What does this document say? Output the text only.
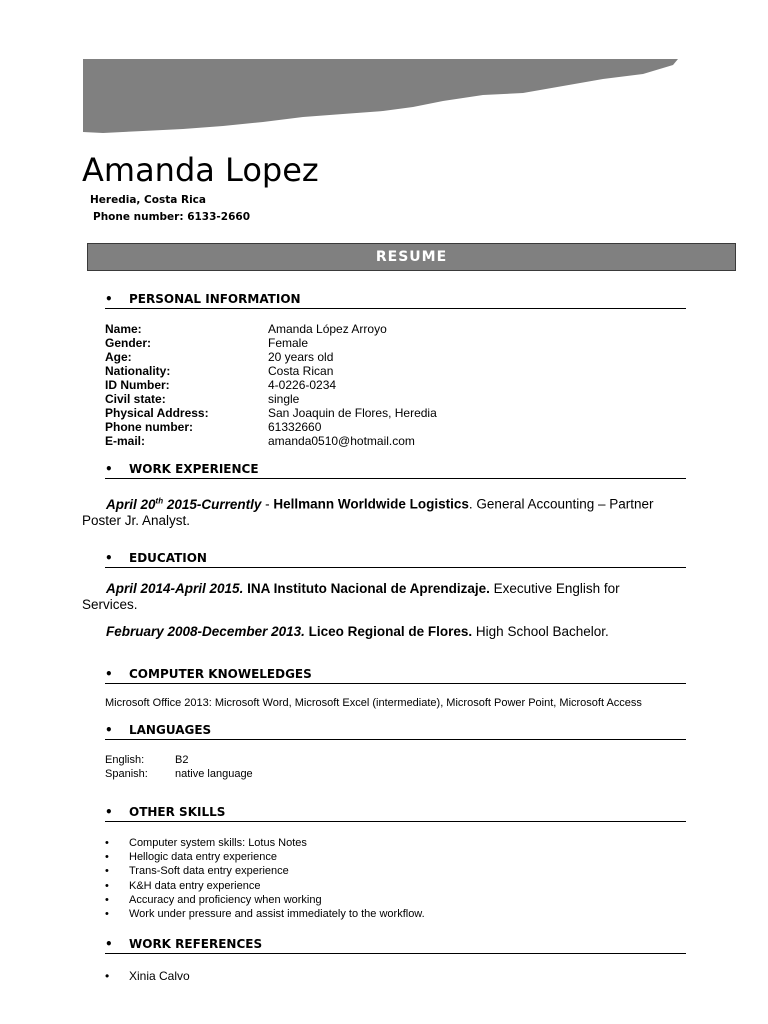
Amanda Lopez
Heredia, Costa Rica
Phone number: 6133-2660
RESUME
• PERSONAL INFORMATION
Name:	Amanda López Arroyo
Gender:	Female
Age:	20 years old
Nationality:	Costa Rican
ID Number:	4-0226-0234
Civil state:	single
Physical Address:	San Joaquin de Flores, Heredia
Phone number:	61332660
E-mail:	amanda0510@hotmail.com
• WORK EXPERIENCE
April 20th 2015-Currently - Hellmann Worldwide Logistics. General Accounting – Partner
Poster Jr. Analyst.
• EDUCATION
April 2014-April 2015. INA Instituto Nacional de Aprendizaje. Executive English for
Services.
February 2008-December 2013. Liceo Regional de Flores. High School Bachelor.
• COMPUTER KNOWELEDGES
Microsoft Office 2013: Microsoft Word, Microsoft Excel (intermediate), Microsoft Power Point, Microsoft Access
• LANGUAGES
English:	B2
Spanish: native language
• OTHER SKILLS
• Computer system skills: Lotus Notes
• Hellogic data entry experience
• Trans-Soft data entry experience
• K&H data entry experience
• Accuracy and proficiency when working
• Work under pressure and assist immediately to the workflow.
• WORK REFERENCES
• Xinia Calvo
